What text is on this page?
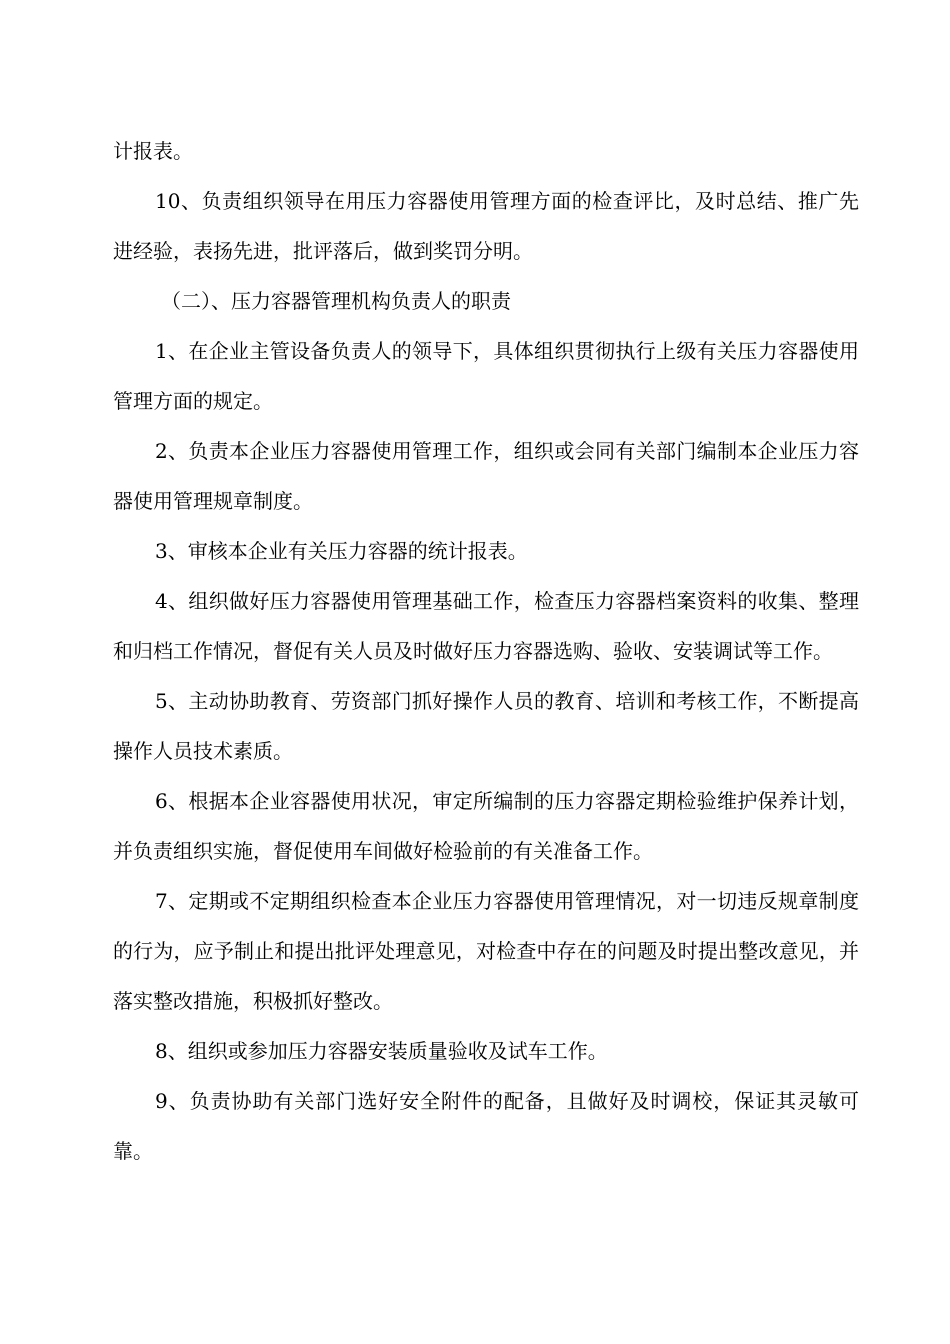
计报表。

10、负责组织领导在用压力容器使用管理方面的检查评比，及时总结、推广先进经验，表扬先进，批评落后，做到奖罚分明。

（二）、压力容器管理机构负责人的职责

1、在企业主管设备负责人的领导下，具体组织贯彻执行上级有关压力容器使用管理方面的规定。

2、负责本企业压力容器使用管理工作，组织或会同有关部门编制本企业压力容器使用管理规章制度。

3、审核本企业有关压力容器的统计报表。

4、组织做好压力容器使用管理基础工作，检查压力容器档案资料的收集、整理和归档工作情况，督促有关人员及时做好压力容器选购、验收、安装调试等工作。

5、主动协助教育、劳资部门抓好操作人员的教育、培训和考核工作，不断提高操作人员技术素质。

6、根据本企业容器使用状况，审定所编制的压力容器定期检验维护保养计划，并负责组织实施，督促使用车间做好检验前的有关准备工作。

7、定期或不定期组织检查本企业压力容器使用管理情况，对一切违反规章制度的行为，应予制止和提出批评处理意见，对检查中存在的问题及时提出整改意见，并落实整改措施，积极抓好整改。

8、组织或参加压力容器安装质量验收及试车工作。

9、负责协助有关部门选好安全附件的配备，且做好及时调校，保证其灵敏可靠。
